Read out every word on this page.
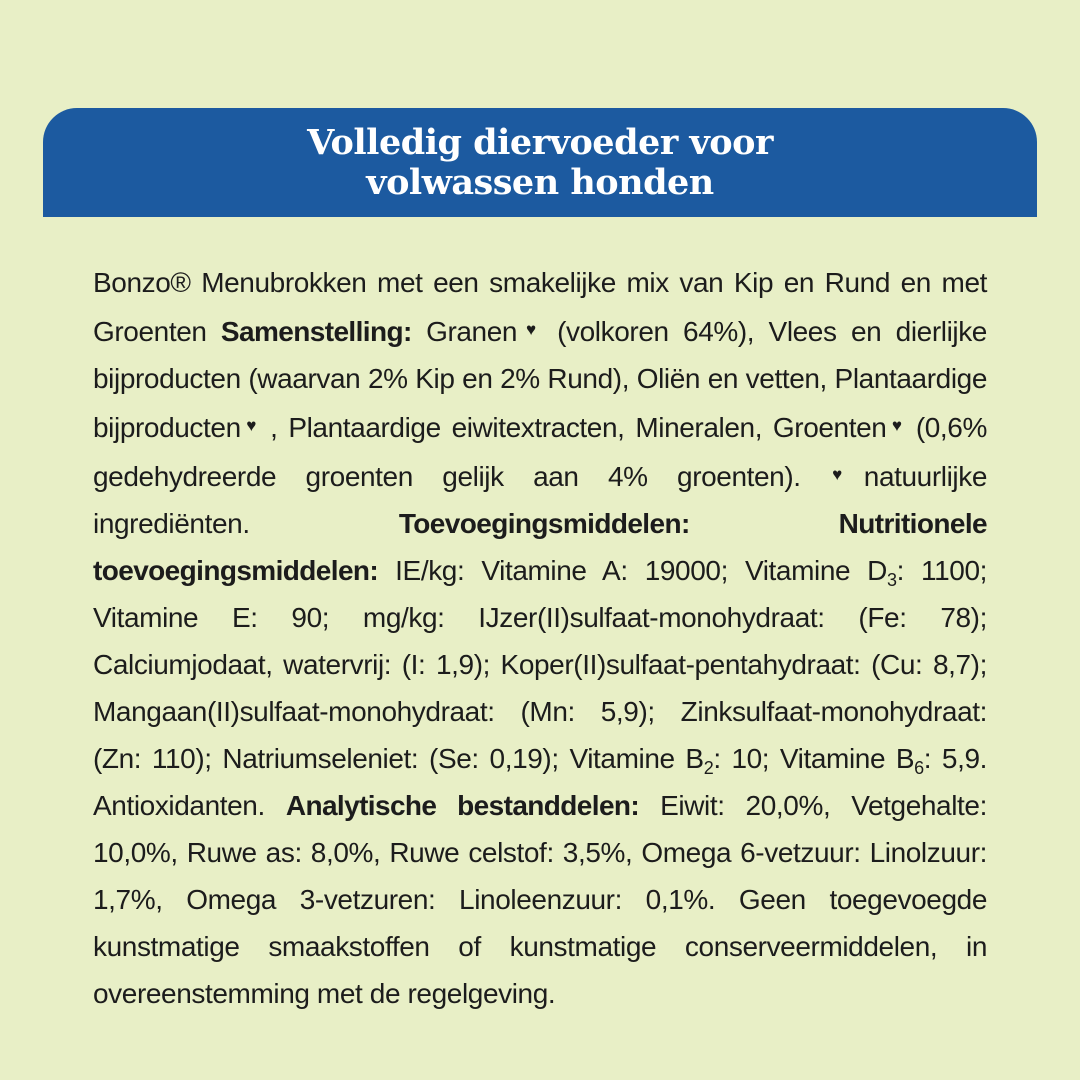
Volledig diervoeder voor volwassen honden
Bonzo® Menubrokken met een smakelijke mix van Kip en Rund en met Groenten Samenstelling: Granen ♥ (volkoren 64%), Vlees en dierlijke bijproducten (waarvan 2% Kip en 2% Rund), Oliën en vetten, Plantaardige bijproducten ♥ , Plantaardige eiwitextracten, Mineralen, Groenten ♥ (0,6% gedehydreerde groenten gelijk aan 4% groenten). ♥natuurlijke ingrediënten.	Toevoegingsmiddelen: Nutritionele toevoegingsmiddelen: IE/kg: Vitamine A: 19000; Vitamine $D_3$: 1100; Vitamine E: 90; mg/kg: IJzer(II)sulfaat-monohydraat: (Fe: 78); Calciumjodaat, watervrij: (I: 1,9); Koper(II)sulfaat-pentahydraat: (Cu: 8,7); Mangaan(II)sulfaat-monohydraat: (Mn: 5,9); Zinksulfaat-monohydraat: (Zn: 110); Natriumseleniet: (Se: 0,19); Vitamine $B_2$: 10; Vitamine $B_6$: 5,9. Antioxidanten. Analytische bestanddelen: Eiwit: 20,0%, Vetgehalte: 10,0%, Ruwe as: 8,0%, Ruwe celstof: 3,5%, Omega 6-vetzuur: Linolzuur: 1,7%, Omega 3-vetzuren: Linoleenzuur: 0,1%. Geen toegevoegde kunstmatige smaakstoffen of kunstmatige conserveermiddelen, in overeenstemming met de regelgeving.
